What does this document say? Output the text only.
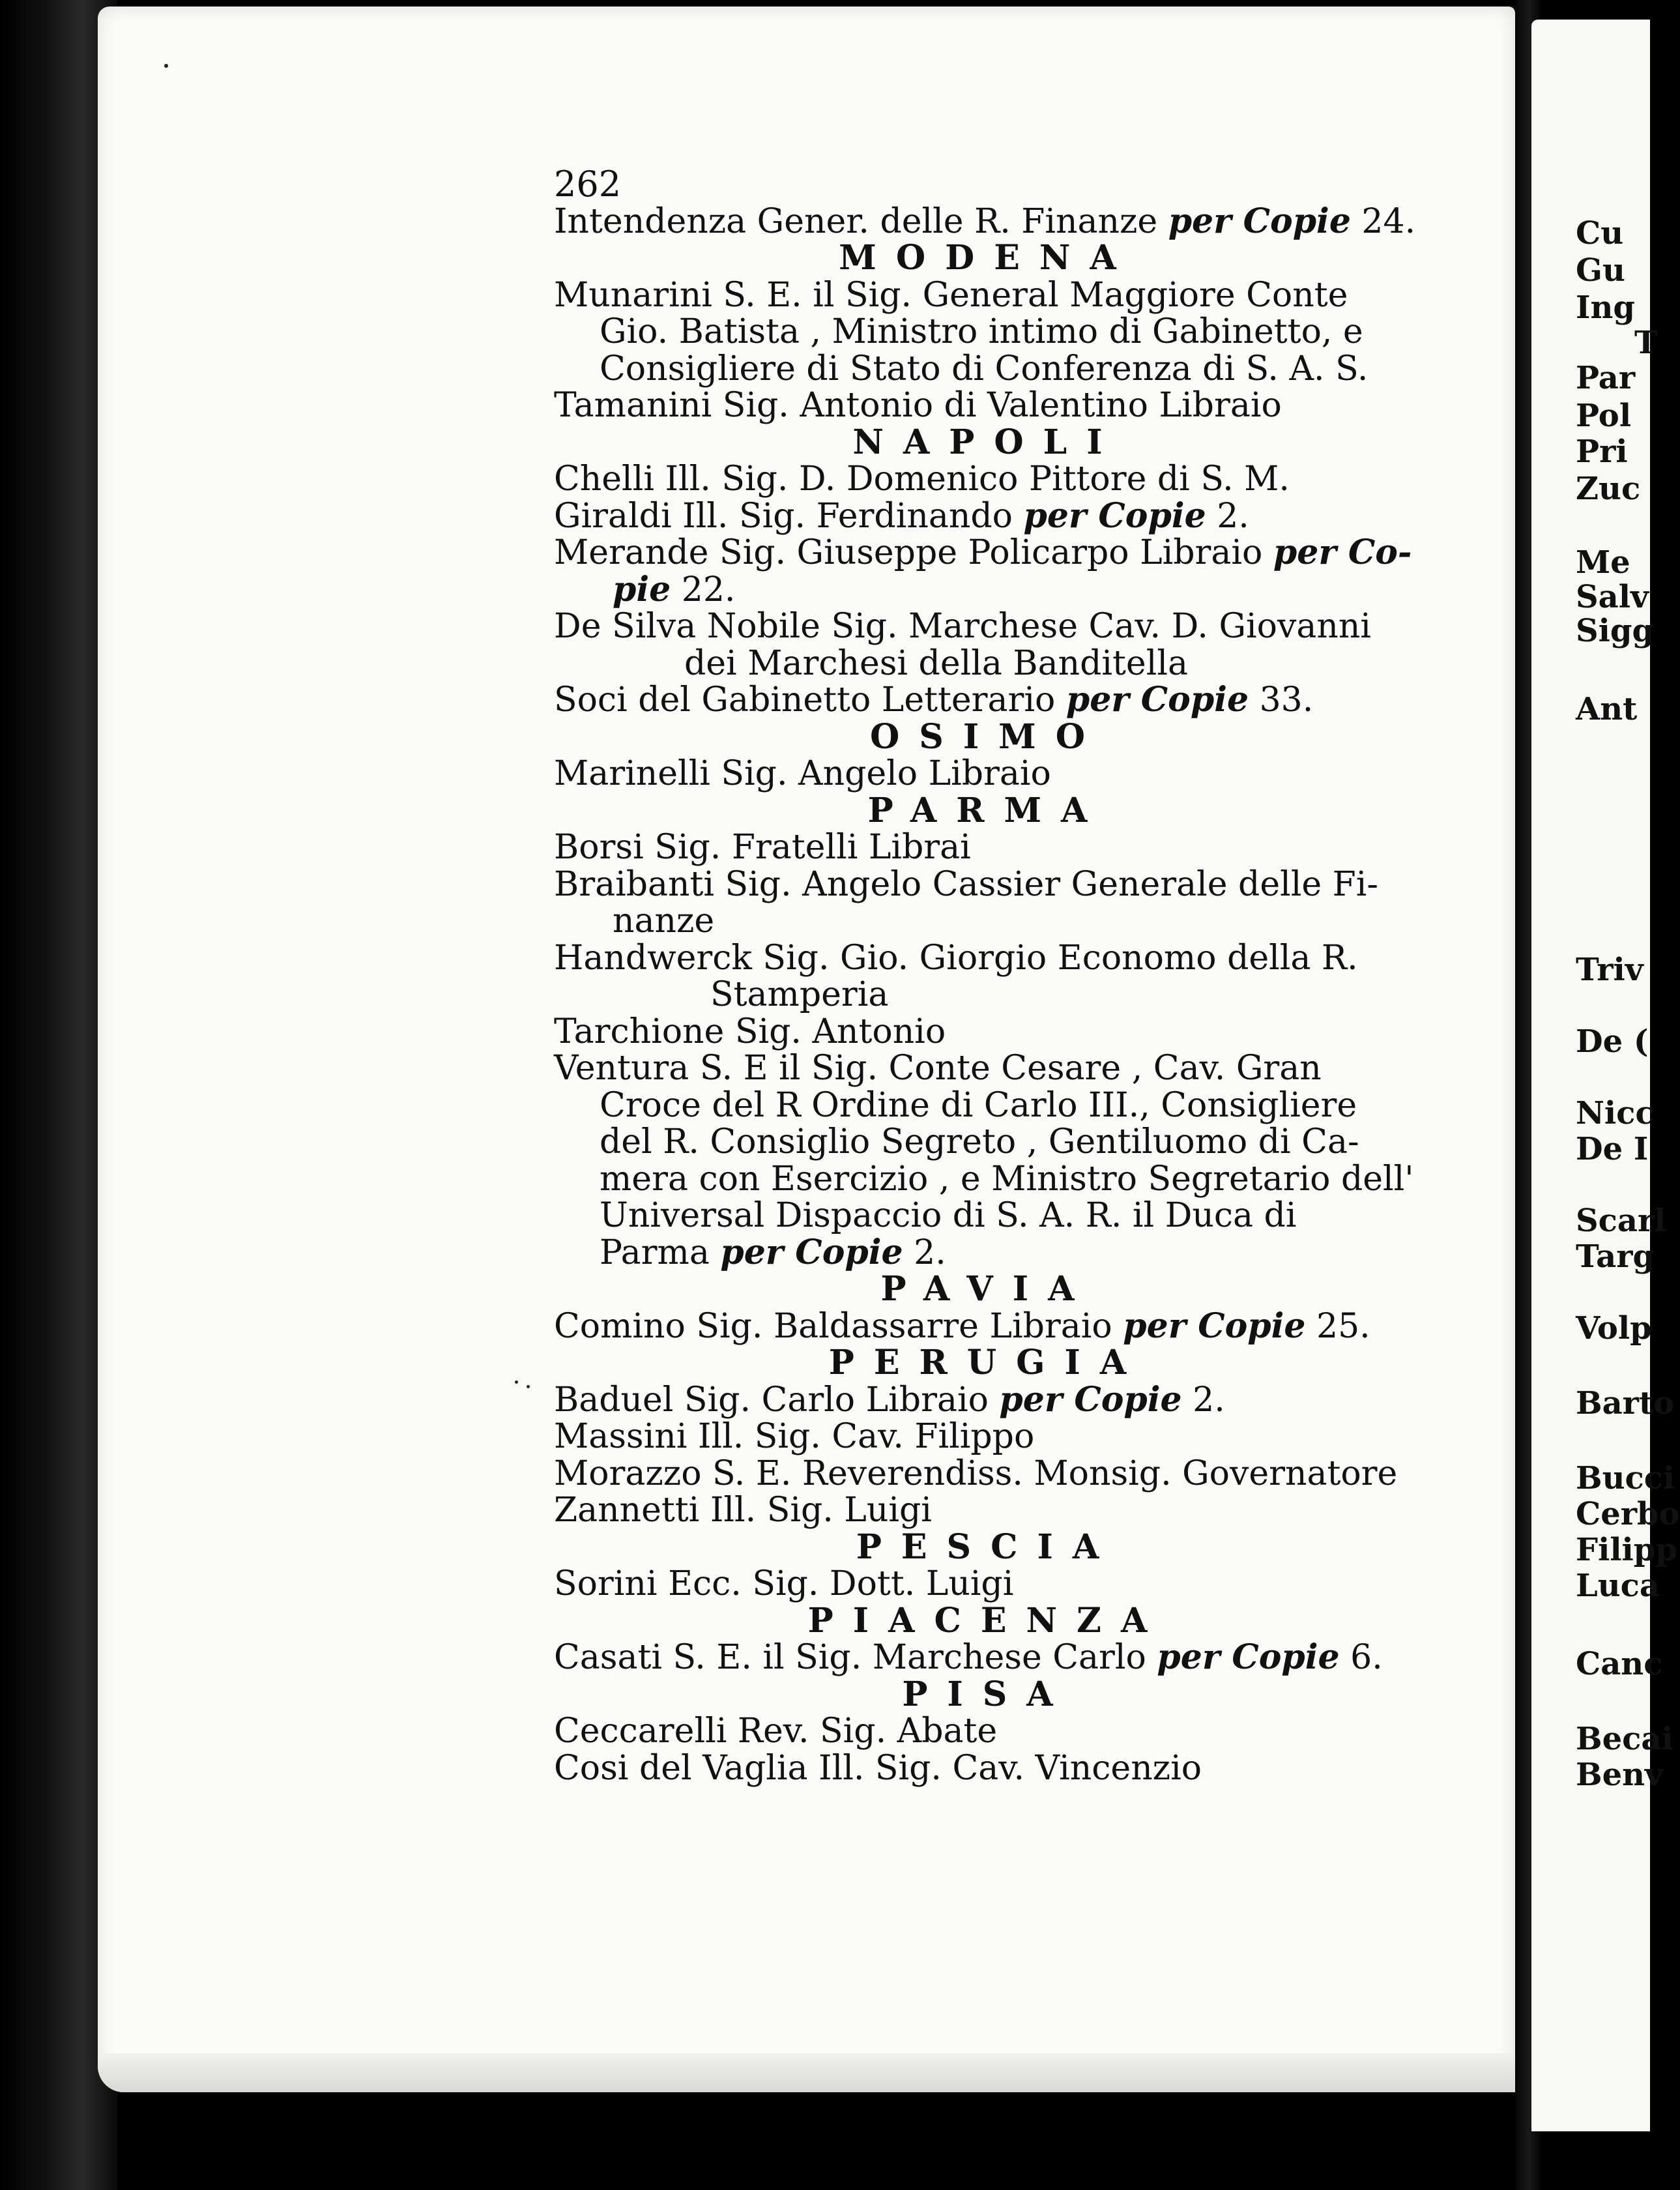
262
Intendenza Gener. delle R. Finanze per Copie 24.
MODENA
Munarini S. E. il Sig. General Maggiore Conte
Gio. Batista , Ministro intimo di Gabinetto, e
Consigliere di Stato di Conferenza di S. A. S.
Tamanini Sig. Antonio di Valentino Libraio
NAPOLI
Chelli Ill. Sig. D. Domenico Pittore di S. M.
Giraldi Ill. Sig. Ferdinando per Copie 2.
Merande Sig. Giuseppe Policarpo Libraio per Co-
pie 22.
De Silva Nobile Sig. Marchese Cav. D. Giovanni
dei Marchesi della Banditella
Soci del Gabinetto Letterario per Copie 33.
OSIMO
Marinelli Sig. Angelo Libraio
PARMA
Borsi Sig. Fratelli Librai
Braibanti Sig. Angelo Cassier Generale delle Fi-
nanze
Handwerck Sig. Gio. Giorgio Economo della R.
Stamperia
Tarchione Sig. Antonio
Ventura S. E il Sig. Conte Cesare , Cav. Gran
Croce del R Ordine di Carlo III., Consigliere
del R. Consiglio Segreto , Gentiluomo di Ca-
mera con Esercizio , e Ministro Segretario dell'
Universal Dispaccio di S. A. R. il Duca di
Parma per Copie 2.
PAVIA
Comino Sig. Baldassarre Libraio per Copie 25.
PERUGIA
Baduel Sig. Carlo Libraio per Copie 2.
Massini Ill. Sig. Cav. Filippo
Morazzo S. E. Reverendiss. Monsig. Governatore
Zannetti Ill. Sig. Luigi
PESCIA
Sorini Ecc. Sig. Dott. Luigi
PIACENZA
Casati S. E. il Sig. Marchese Carlo per Copie 6.
PISA
Ceccarelli Rev. Sig. Abate
Cosi del Vaglia Ill. Sig. Cav. Vincenzio
Cu
Gu
Ing
T
Par
Pol
Pri
Zuc
Me
Salv
Sigg
Ant
Triv
De (
Nicc
De I
Scarl
Targ
Volp
Barto
Bucci
Cerbo
Filipp
Luca
Canc
Becai
Benv
